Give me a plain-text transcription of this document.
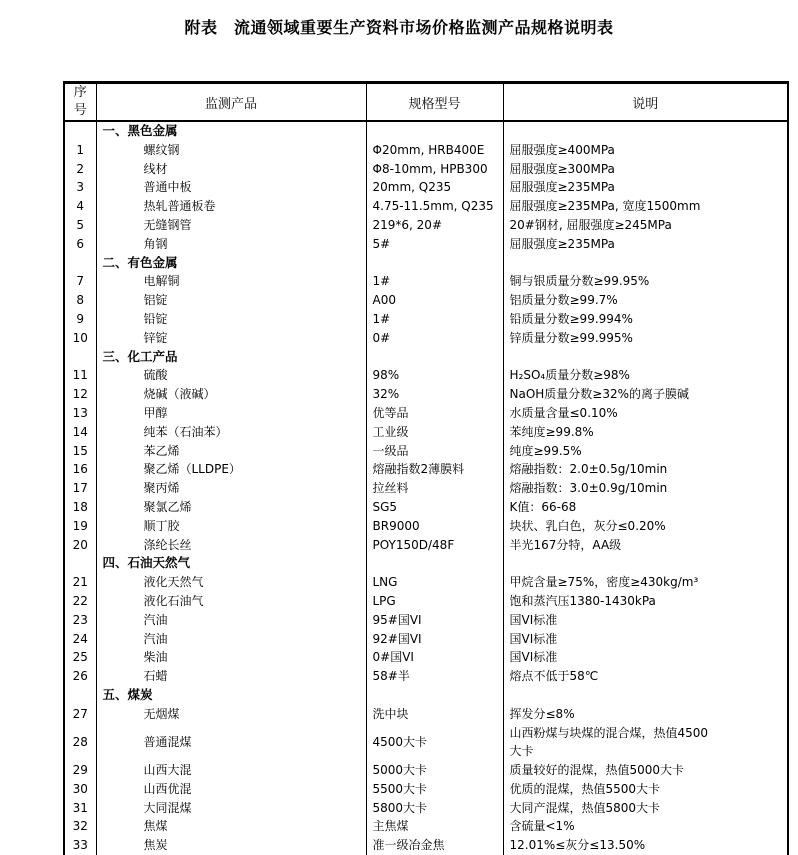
附表　流通领域重要生产资料市场价格监测产品规格说明表
序号	监测产品	规格型号	说明
	一、黑色金属		
1	螺纹钢	Φ20mm, HRB400E	屈服强度≥400MPa
2	线材	Φ8-10mm, HPB300	屈服强度≥300MPa
3	普通中板	20mm, Q235	屈服强度≥235MPa
4	热轧普通板卷	4.75-11.5mm, Q235	屈服强度≥235MPa, 宽度1500mm
5	无缝钢管	219*6, 20#	20#钢材, 屈服强度≥245MPa
6	角钢	5#	屈服强度≥235MPa
	二、有色金属		
7	电解铜	1#	铜与银质量分数≥99.95%
8	铝锭	A00	铝质量分数≥99.7%
9	铅锭	1#	铅质量分数≥99.994%
10	锌锭	0#	锌质量分数≥99.995%
	三、化工产品		
11	硫酸	98%	H₂SO₄质量分数≥98%
12	烧碱（液碱）	32%	NaOH质量分数≥32%的离子膜碱
13	甲醇	优等品	水质量含量≤0.10%
14	纯苯（石油苯）	工业级	苯纯度≥99.8%
15	苯乙烯	一级品	纯度≥99.5%
16	聚乙烯（LLDPE）	熔融指数2薄膜料	熔融指数：2.0±0.5g/10min
17	聚丙烯	拉丝料	熔融指数：3.0±0.9g/10min
18	聚氯乙烯	SG5	K值：66-68
19	顺丁胶	BR9000	块状、乳白色，灰分≤0.20%
20	涤纶长丝	POY150D/48F	半光167分特，AA级
	四、石油天然气		
21	液化天然气	LNG	甲烷含量≥75%，密度≥430kg/m³
22	液化石油气	LPG	饱和蒸汽压1380-1430kPa
23	汽油	95#国VI	国VI标准
24	汽油	92#国VI	国VI标准
25	柴油	0#国VI	国VI标准
26	石蜡	58#半	熔点不低于58℃
	五、煤炭		
27	无烟煤	洗中块	挥发分≤8%
28	普通混煤	4500大卡	山西粉煤与块煤的混合煤，热值4500
大卡
29	山西大混	5000大卡	质量较好的混煤，热值5000大卡
30	山西优混	5500大卡	优质的混煤，热值5500大卡
31	大同混煤	5800大卡	大同产混煤，热值5800大卡
32	焦煤	主焦煤	含硫量<1%
33	焦炭	准一级冶金焦	12.01%≤灰分≤13.50%
